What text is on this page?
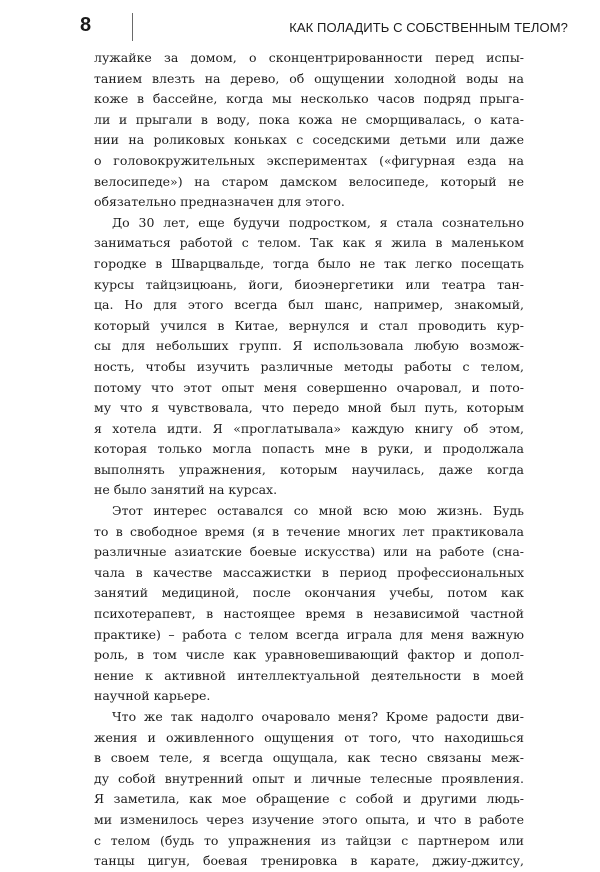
8	КАК ПОЛАДИТЬ С СОБСТВЕННЫМ ТЕЛОМ?
лужайке за домом, о сконцентрированности перед испы-
танием влезть на дерево, об ощущении холодной воды на
коже в бассейне, когда мы несколько часов подряд прыга-
ли и прыгали в воду, пока кожа не сморщивалась, о ката-
нии на роликовых коньках с соседскими детьми или даже
о головокружительных экспериментах («фигурная езда на
велосипеде») на старом дамском велосипеде, который не
обязательно предназначен для этого.
До 30 лет, еще будучи подростком, я стала сознательно
заниматься работой с телом. Так как я жила в маленьком
городке в Шварцвальде, тогда было не так легко посещать
курсы тайцзицюань, йоги, биоэнергетики или театра тан-
ца. Но для этого всегда был шанс, например, знакомый,
который учился в Китае, вернулся и стал проводить кур-
сы для небольших групп. Я использовала любую возмож-
ность, чтобы изучить различные методы работы с телом,
потому что этот опыт меня совершенно очаровал, и пото-
му что я чувствовала, что передо мной был путь, которым
я хотела идти. Я «проглатывала» каждую книгу об этом,
которая только могла попасть мне в руки, и продолжала
выполнять упражнения, которым научилась, даже когда
не было занятий на курсах.
Этот интерес оставался со мной всю мою жизнь. Будь
то в свободное время (я в течение многих лет практиковала
различные азиатские боевые искусства) или на работе (сна-
чала в качестве массажистки в период профессиональных
занятий медициной, после окончания учебы, потом как
психотерапевт, в настоящее время в независимой частной
практике) – работа с телом всегда играла для меня важную
роль, в том числе как уравновешивающий фактор и допол-
нение к активной интеллектуальной деятельности в моей
научной карьере.
Что же так надолго очаровало меня? Кроме радости дви-
жения и оживленного ощущения от того, что находишься
в своем теле, я всегда ощущала, как тесно связаны меж-
ду собой внутренний опыт и личные телесные проявления.
Я заметила, как мое обращение с собой и другими людь-
ми изменилось через изучение этого опыта, и что в работе
с телом (будь то упражнения из тайцзи с партнером или
танцы цигун, боевая тренировка в карате, джиу-джитсу,
